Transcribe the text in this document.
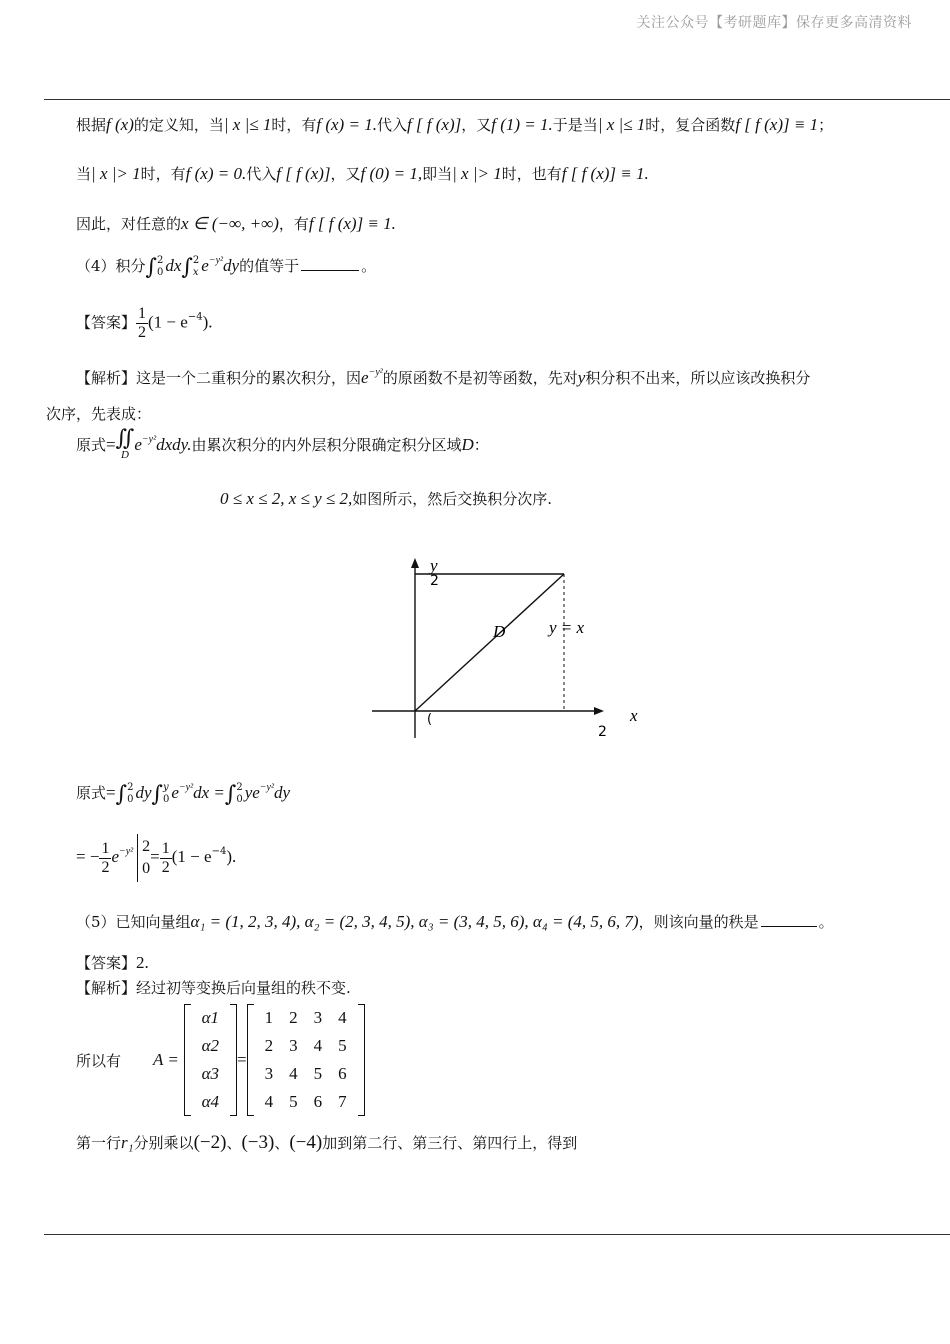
关注公众号【考研题库】保存更多高清资料
根据f (x)的定义知，当| x |≤ 1时，有f (x) = 1.代入f [ f (x)]，又f (1) = 1.于是当| x |≤ 1时，复合函数f [ f (x)] ≡ 1；
当| x |> 1时，有f (x) = 0.代入f [ f (x)]，又f (0) = 1,即当| x |> 1时，也有f [ f (x)] ≡ 1.
因此，对任意的x ∈ (−∞, +∞)，有f [ f (x)] ≡ 1.
（4）积分∫2
0 dx∫2
x $e^{-y^2}dy$的值等于	。
【答案】 $\frac{1}{2} (1 - e^{-4})$.
【解析】这是一个二重积分的累次积分，因$e^{-y^2}$的原函数不是初等函数，先对y积分积不出来，所以应该改换积分
次序，先表成：
原式=∬
$De^{-y^2}dxdy$.由累次积分的内外层积分限确定积分区域D：
0 ≤ x ≤ 2, x ≤ y ≤ 2,如图所示，然后交换积分次序.
y
2
D	y = x
(
2
x
原式=∫2
0 dy∫y
0 $e^{-y^2}dx =\int 2$
0 $ye^{-y^2}dy$
= − $\frac{1}{2} e^{-y^2}$ 2
$0= \frac{1}{2} (1 - e^{-4})$.
（5）已知向量组α₁ = (1, 2, 3, 4), α₂ = (2, 3, 4, 5), α₃ = (3, 4, 5, 6), α₄ = (4, 5, 6, 7)，则该向量的秩是	。
【答案】2.
【解析】经过初等变换后向量组的秩不变.
所以有 A =
α1
α2
α3
α4
=
1	2	3	4
2	3	4	5
3	4	5	6
4	5	6	7
第一行r₁分别乘以(−2)、(−3)、(−4)加到第二行、第三行、第四行上，得到
